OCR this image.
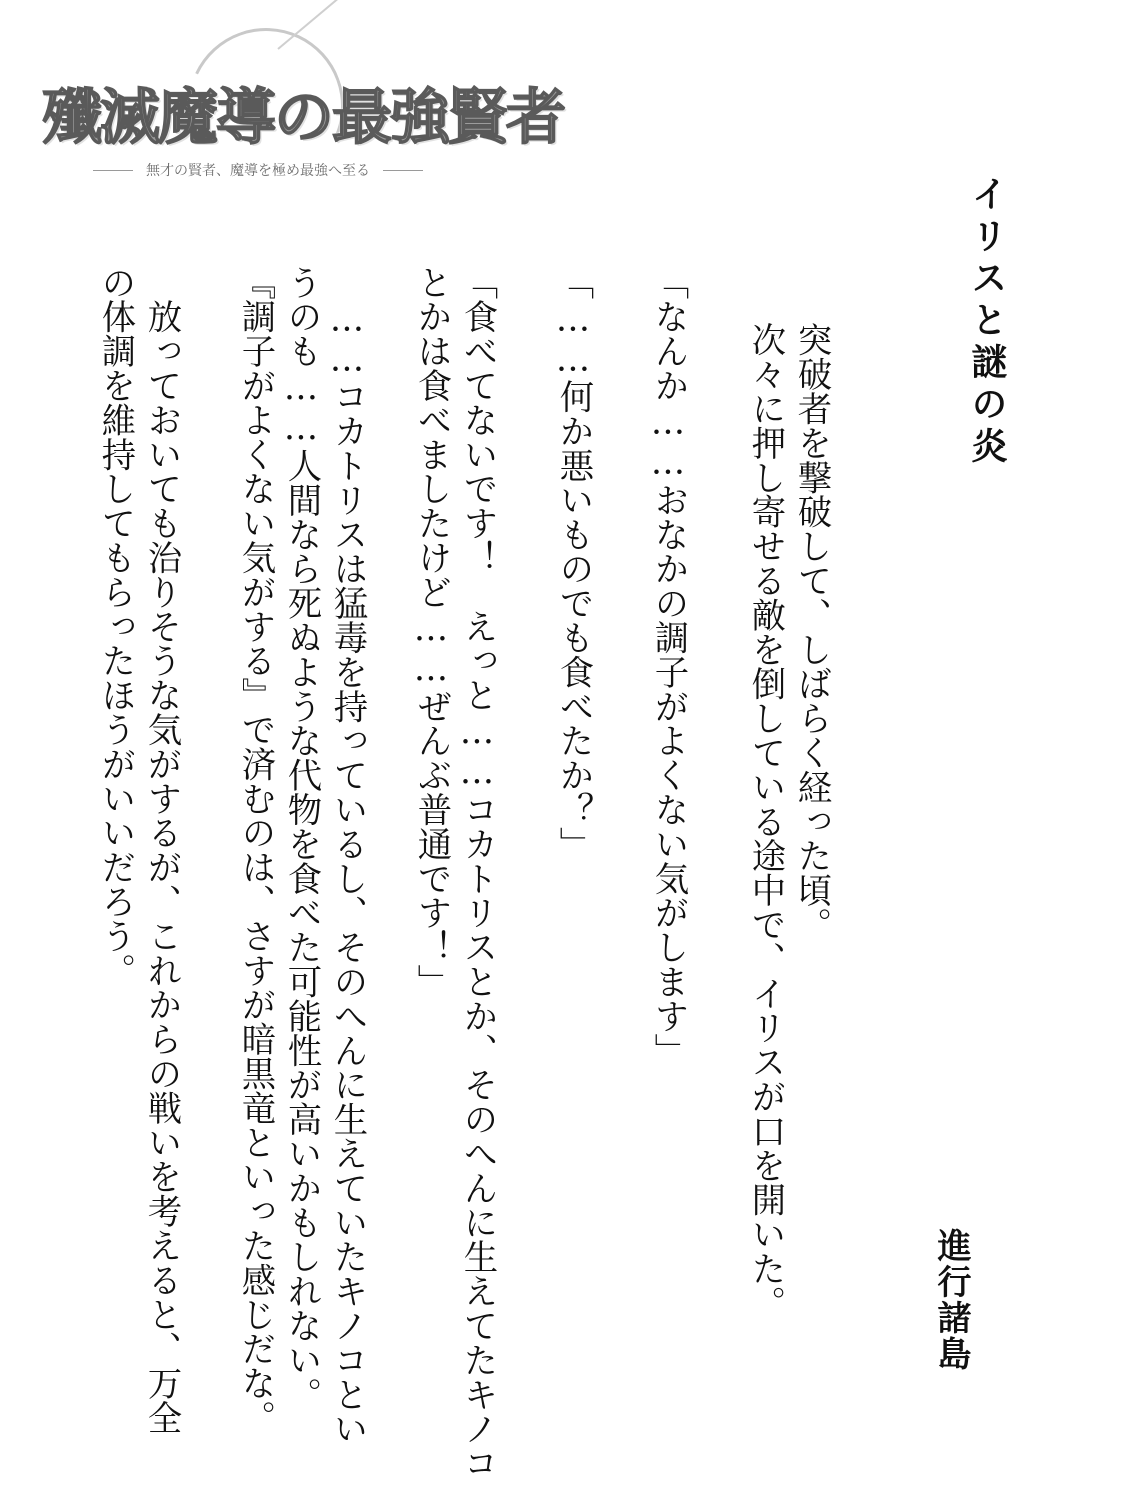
殲滅魔導の最強賢者
無才の賢者、魔導を極め最強へ至る
イリスと謎の炎
進行諸島
　突破者を撃破して、しばらく経った頃。
　次々に押し寄せる敵を倒している途中で、イリスが口を開いた。
「なんか……おなかの調子がよくない気がします」
「……何か悪いものでも食べたか？」
「食べてないです！　えっと……コカトリスとか、そのへんに生えてたキノコ
とかは食べましたけど……ぜんぶ普通です！」
　……コカトリスは猛毒を持っているし、そのへんに生えていたキノコとい
うのも……人間なら死ぬような代物を食べた可能性が高いかもしれない。
『調子がよくない気がする』で済むのは、さすが暗黒竜といった感じだな。
　放っておいても治りそうな気がするが、これからの戦いを考えると、万全
の体調を維持してもらったほうがいいだろう。
